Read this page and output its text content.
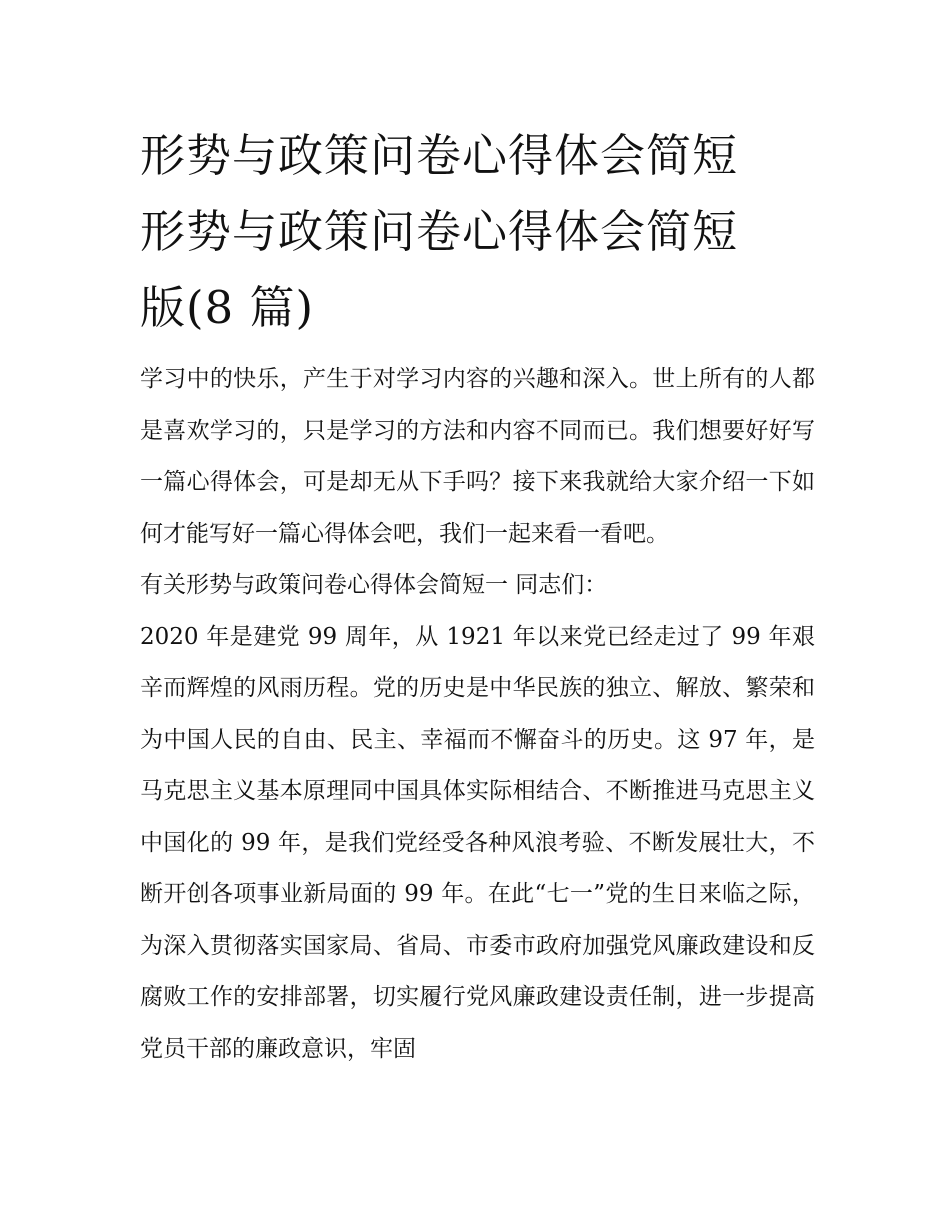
形势与政策问卷心得体会简短
形势与政策问卷心得体会简短
版(8 篇)

学习中的快乐，产生于对学习内容的兴趣和深入。世上所有的人都是喜欢学习的，只是学习的方法和内容不同而已。我们想要好好写一篇心得体会，可是却无从下手吗？接下来我就给大家介绍一下如何才能写好一篇心得体会吧，我们一起来看一看吧。

有关形势与政策问卷心得体会简短一 同志们：

2020 年是建党 99 周年，从 1921 年以来党已经走过了 99 年艰辛而辉煌的风雨历程。党的历史是中华民族的独立、解放、繁荣和为中国人民的自由、民主、幸福而不懈奋斗的历史。这 97 年，是马克思主义基本原理同中国具体实际相结合、不断推进马克思主义中国化的 99 年，是我们党经受各种风浪考验、不断发展壮大，不断开创各项事业新局面的 99 年。在此“七一”党的生日来临之际，为深入贯彻落实国家局、省局、市委市政府加强党风廉政建设和反腐败工作的安排部署，切实履行党风廉政建设责任制，进一步提高党员干部的廉政意识，牢固
